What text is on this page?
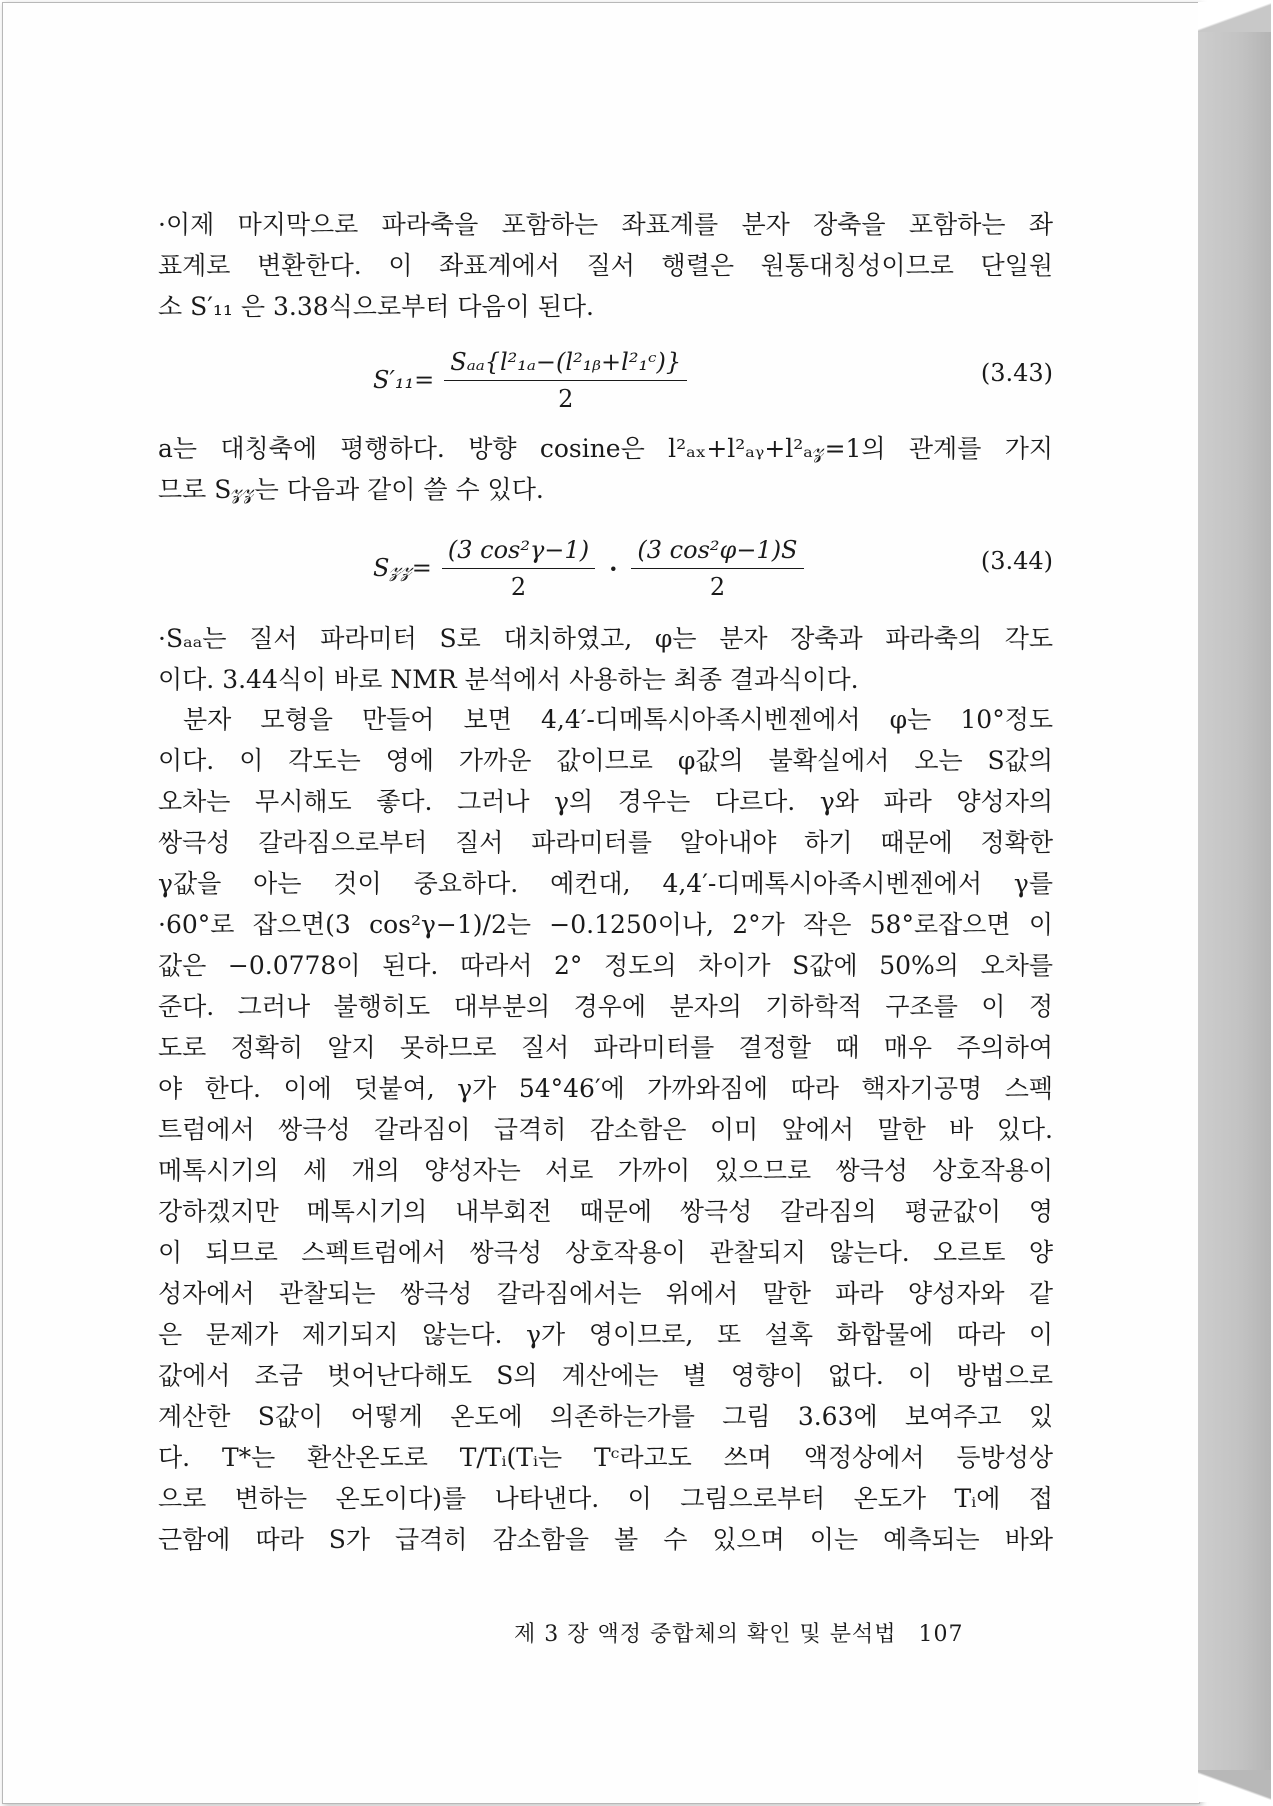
·이제 마지막으로 파라축을 포함하는 좌표계를 분자 장축을 포함하는 좌
표계로 변환한다. 이 좌표계에서 질서 행렬은 원통대칭성이므로 단일원
소 S′₁₁ 은 3.38식으로부터 다음이 된다.
$S'_{11}= \frac{\text{Sₐₐ\{l²₁ₐ−(l²₁ᵦ+l²₁ᶜ)\}}}{2}$	(3.43)
a는 대칭축에 평행하다. 방향 cosine은 l²ₐₓ+l²ₐᵧ+l²ₐ𝓏=1의 관계를 가지
므로 S𝓏𝓏는 다음과 같이 쓸 수 있다.
S𝓏𝓏= $\frac{\text{(3 cos²γ−1)}}{2} \cdot \frac{\text{(3 cos²φ−1)S}}{2}$	(3.44)
·Sₐₐ는 질서 파라미터 S로 대치하였고, φ는 분자 장축과 파라축의 각도
이다. 3.44식이 바로 NMR 분석에서 사용하는 최종 결과식이다.
분자 모형을 만들어 보면 4,4′-디메톡시아족시벤젠에서 φ는 10°정도
이다. 이 각도는 영에 가까운 값이므로 φ값의 불확실에서 오는 S값의
오차는 무시해도 좋다. 그러나 γ의 경우는 다르다. γ와 파라 양성자의
쌍극성 갈라짐으로부터 질서 파라미터를 알아내야 하기 때문에 정확한
γ값을 아는 것이 중요하다. 예컨대, 4,4′-디메톡시아족시벤젠에서 γ를
·60°로 잡으면(3 cos²γ−1)/2는 −0.1250이나, 2°가 작은 58°로잡으면 이
값은 −0.0778이 된다. 따라서 2° 정도의 차이가 S값에 50%의 오차를
준다. 그러나 불행히도 대부분의 경우에 분자의 기하학적 구조를 이 정
도로 정확히 알지 못하므로 질서 파라미터를 결정할 때 매우 주의하여
야 한다. 이에 덧붙여, γ가 54°46′에 가까와짐에 따라 핵자기공명 스펙
트럼에서 쌍극성 갈라짐이 급격히 감소함은 이미 앞에서 말한 바 있다.
메톡시기의 세 개의 양성자는 서로 가까이 있으므로 쌍극성 상호작용이
강하겠지만 메톡시기의 내부회전 때문에 쌍극성 갈라짐의 평균값이 영
이 되므로 스펙트럼에서 쌍극성 상호작용이 관찰되지 않는다. 오르토 양
성자에서 관찰되는 쌍극성 갈라짐에서는 위에서 말한 파라 양성자와 같
은 문제가 제기되지 않는다. γ가 영이므로, 또 설혹 화합물에 따라 이
값에서 조금 벗어난다해도 S의 계산에는 별 영향이 없다. 이 방법으로
계산한 S값이 어떻게 온도에 의존하는가를 그림 3.63에 보여주고 있
다. T*는 환산온도로 T/Tᵢ(Tᵢ는 Tᶜ라고도 쓰며 액정상에서 등방성상
으로 변하는 온도이다)를 나타낸다. 이 그림으로부터 온도가 Tᵢ에 접
근함에 따라 S가 급격히 감소함을 볼 수 있으며 이는 예측되는 바와
제 3 장 액정 중합체의 확인 및 분석법 107
